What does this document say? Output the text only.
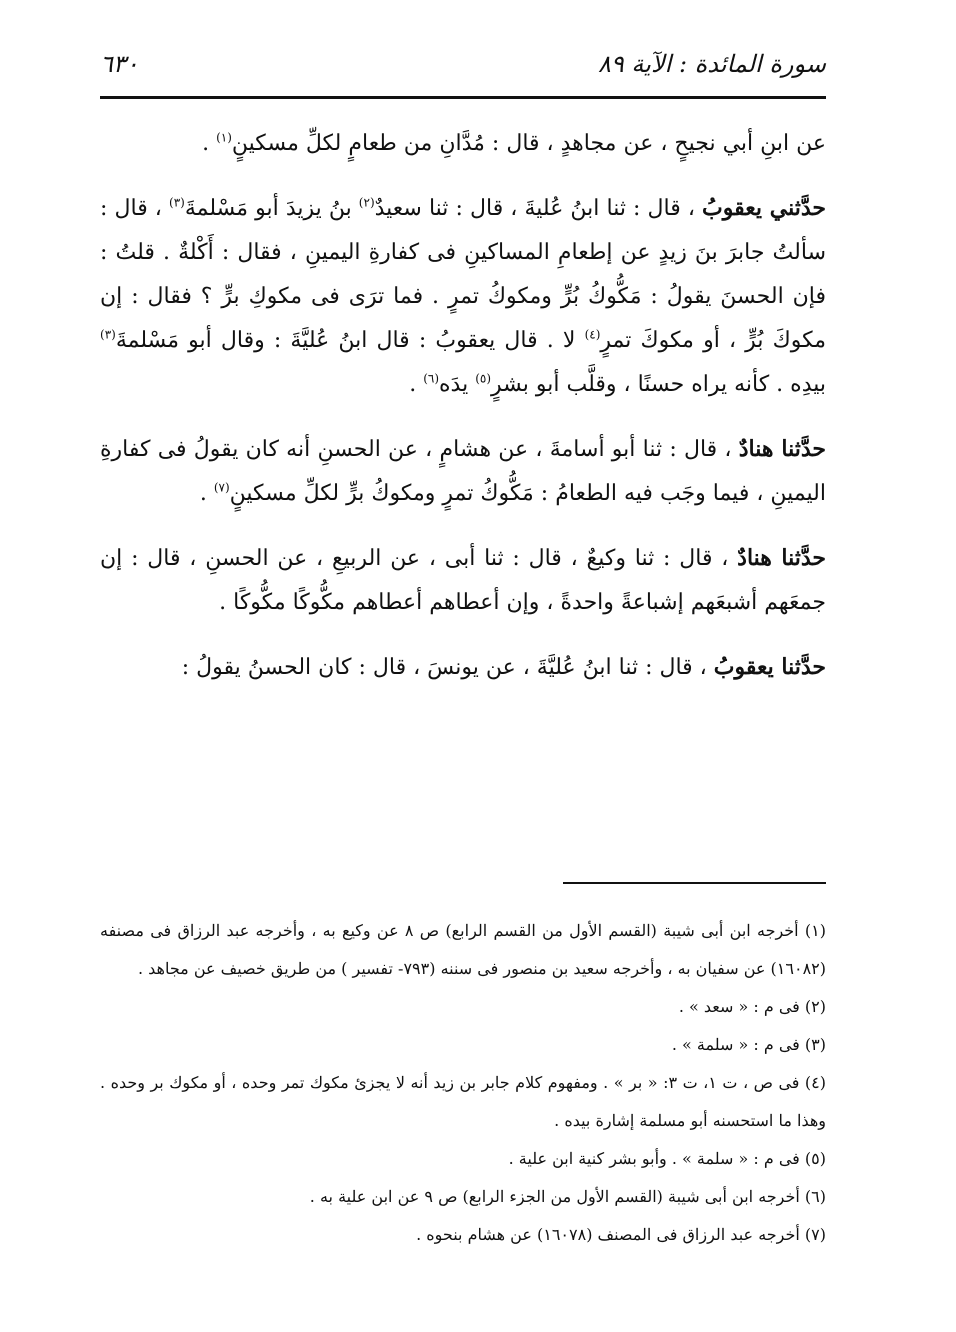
سورة المائدة : الآية ٨٩
٦٣٠

عن ابنِ أبي نجيحٍ ، عن مجاهدٍ ، قال : مُدَّانِ من طعامٍ لكلِّ مسكينٍ$^{(١)}$ .

حدَّثني يعقوبُ ، قال : ثنا ابنُ عُليةَ ، قال : ثنا سعيدٌ$^{(٢)}$ بنُ يزيدَ أبو مَسْلمةَ$^{(٣)}$ ، قال : سألتُ جابرَ بنَ زيدٍ عن إطعامِ المساكينِ فى كفارةِ اليمينِ ، فقال : أَكْلةٌ . قلتُ : فإن الحسنَ يقولُ : مَكُّوكُ بُرٍّ ومكوكُ تمرٍ . فما ترَى فى مكوكِ برٍّ ؟ فقال : إن مكوكَ بُرٍّ ، أو مكوكَ تمرٍ$^{(٤)}$ لا . قال يعقوبُ : قال ابنُ عُليَّةَ : وقال أبو مَسْلمةَ$^{(٣)}$ بيدِه . كأنه يراه حسنًا ، وقلَّب أبو بشرٍ$^{(٥)}$ يدَه$^{(٦)}$ .

حدَّثنا هنادٌ ، قال : ثنا أبو أسامةَ ، عن هشامٍ ، عن الحسنِ أنه كان يقولُ فى كفارةِ اليمينِ ، فيما وجَب فيه الطعامُ : مَكُّوكُ تمرٍ ومكوكُ برٍّ لكلِّ مسكينٍ$^{(٧)}$ .

حدَّثنا هنادٌ ، قال : ثنا وكيعٌ ، قال : ثنا أبى ، عن الربيعِ ، عن الحسنِ ، قال : إن جمعَهم أشبعَهم إشباعةً واحدةً ، وإن أعطاهم أعطاهم مكُّوكًا مكُّوكًا .

حدَّثنا يعقوبُ ، قال : ثنا ابنُ عُليَّةَ ، عن يونسَ ، قال : كان الحسنُ يقولُ :

(١) أخرجه ابن أبى شيبة (القسم الأول من القسم الرابع) ص ٨ عن وكيع به ، وأخرجه عبد الرزاق فى مصنفه (١٦٠٨٢) عن سفيان به ، وأخرجه سعيد بن منصور فى سننه (٧٩٣- تفسير ) من طريق خصيف عن مجاهد .

(٢) فى م : « سعد » .

(٣) فى م : « سلمة » .

(٤) فى ص ، ت ١، ت ٣: « بر » . ومفهوم كلام جابر بن زيد أنه لا يجزئ مكوك تمر وحده ، أو مكوك بر وحده . وهذا ما استحسنه أبو مسلمة إشارة بيده .

(٥) فى م : « سلمة » . وأبو بشر كنية ابن علية .

(٦) أخرجه ابن أبى شيبة (القسم الأول من الجزء الرابع) ص ٩ عن ابن علية به .

(٧) أخرجه عبد الرزاق فى المصنف (١٦٠٧٨) عن هشام بنحوه .
